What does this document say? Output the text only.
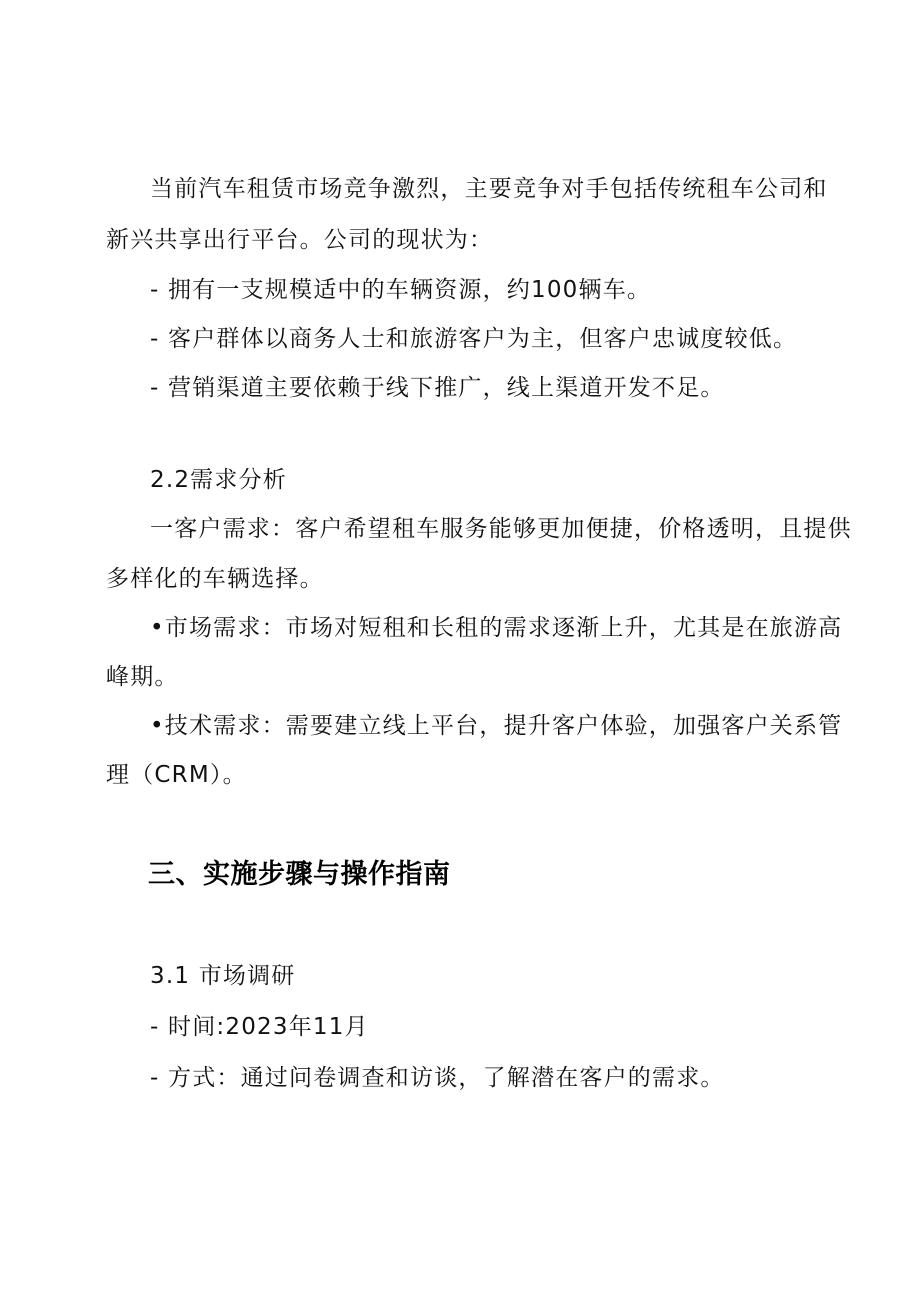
当前汽车租赁市场竞争激烈，主要竞争对手包括传统租车公司和
新兴共享出行平台。公司的现状为：
- 拥有一支规模适中的车辆资源，约100辆车。
- 客户群体以商务人士和旅游客户为主，但客户忠诚度较低。
- 营销渠道主要依赖于线下推广，线上渠道开发不足。
2.2需求分析
一客户需求：客户希望租车服务能够更加便捷，价格透明，且提供
多样化的车辆选择。
•市场需求：市场对短租和长租的需求逐渐上升，尤其是在旅游高
峰期。
•技术需求：需要建立线上平台，提升客户体验，加强客户关系管
理（CRM）。
三、实施步骤与操作指南
3.1 市场调研
- 时间:2023年11月
- 方式：通过问卷调查和访谈，了解潜在客户的需求。
